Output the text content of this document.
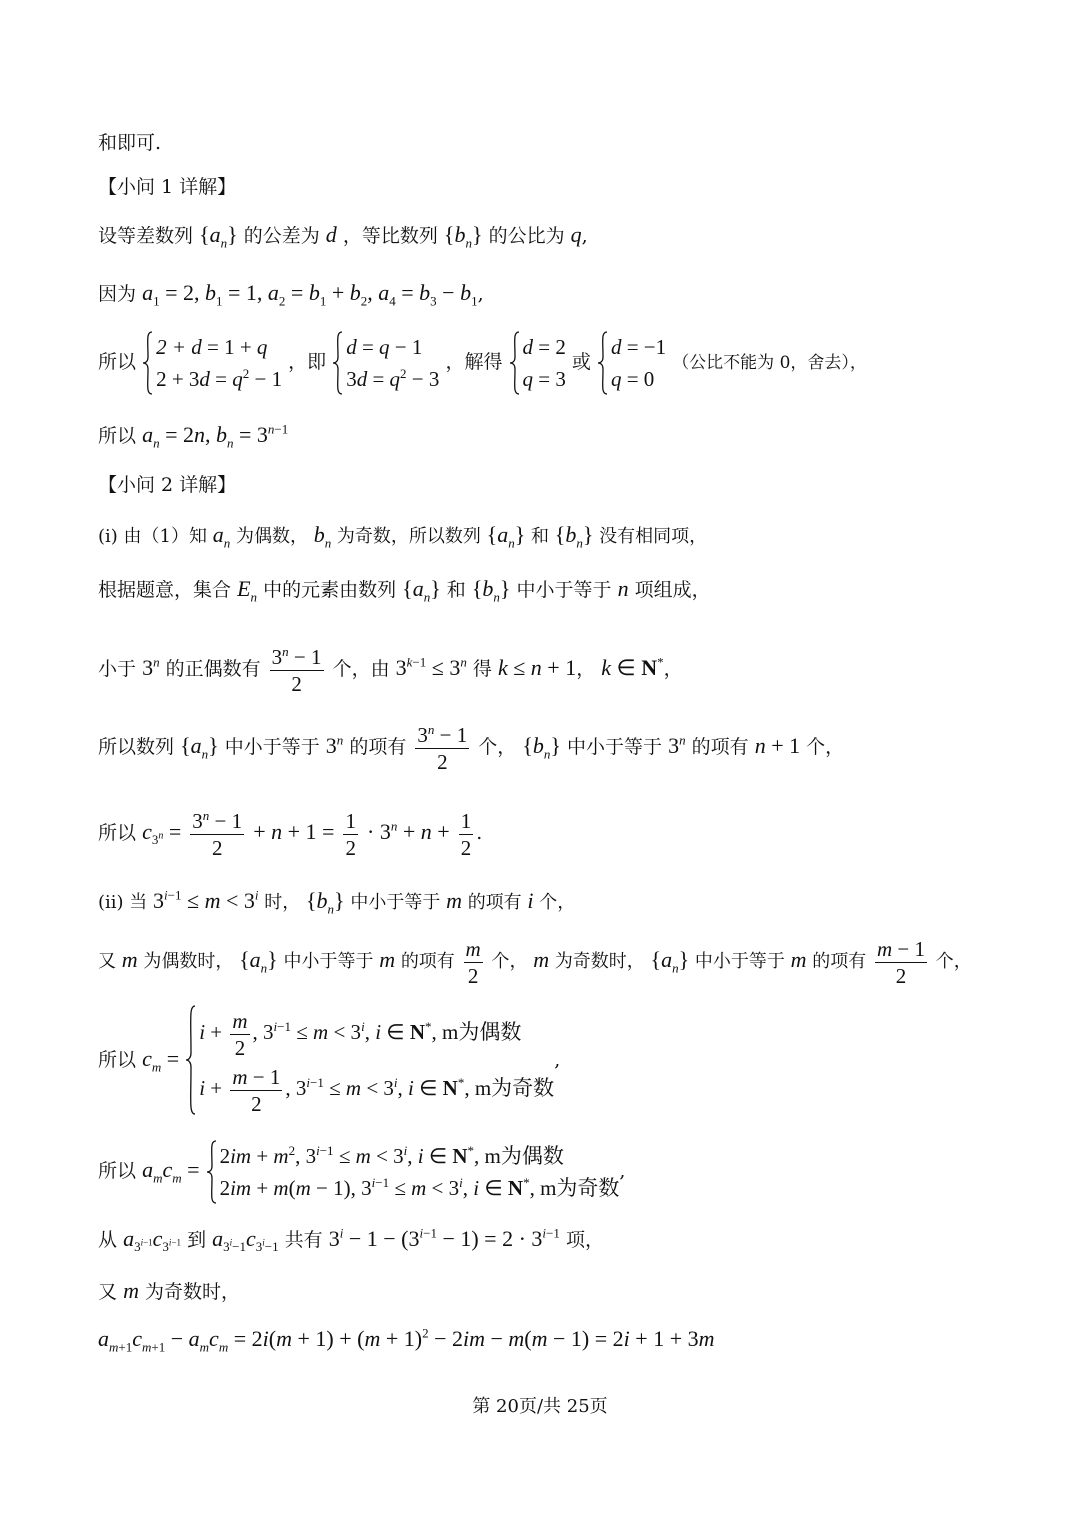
和即可.
【小问 1 详解】
设等差数列 $\{a_n\}$ 的公差为 d ，等比数列 $\{b_n\}$ 的公比为 q,
因为 $a_1 = 2$, $b_1 = 1$, $a_2 = b_1 + b_2$, $a_4 = b_3 - b_1$,
所以
2 + d = 1 + q
$2 + 3d = q^2 - 1$
，即
d = q − 1
$3d = q^2 - 3$
，解得
d = 2
q = 3
或
d = −1
q = 0
（公比不能为 0，舍去），
所以 $a_n = 2n$, $b_n = 3^{n-1}$
【小问 2 详解】
(i) 由（1）知 $a_n$ 为偶数， $b_n$ 为奇数，所以数列 $\{a_n\}$ 和 $\{b_n\}$ 没有相同项，
根据题意，集合 $E_n$ 中的元素由数列 $\{a_n\}$ 和 $\{b_n\}$ 中小于等于 n 项组成，
小于 3$^n$ 的正偶数有 $\frac{3^n - 1}{2}$ 个，由 $3^{k-1} \le 3^n$ 得 k ≤ n + 1， k ∈ N*，
所以数列 $\{a_n\}$ 中小于等于 3$^n$ 的项有 $\frac{3^n - 1}{2}$ 个， $\{b_n\}$ 中小于等于 3$^n$ 的项有 n + 1 个，
所以 $c_{3^n} = \frac{3^n - 1}{2} + n + 1 = \frac{1}{2} \cdot 3^n + n + \frac{1}{2}$ .
(ii) 当 $3^{i-1} \le m < 3^i$ 时， $\{b_n\}$ 中小于等于 m 的项有 i 个，
又 m 为偶数时， $\{a_n\}$ 中小于等于 m 的项有 $\frac{m}{2}$ 个， m 为奇数时， $\{a_n\}$ 中小于等于 m 的项有 $\frac{m - 1}{2}$ 个，
所以 $c_m$ =
$i + \frac{m}{2}$ , $3^{i-1} \le m < 3^i$, i ∈ N*, m为偶数
$i + \frac{m - 1}{2}$ , $3^{i-1} \le m < 3^i$, i ∈ N*, m为奇数
,
所以 $a_mc_m$ =
$2im + m^2$, $3^{i-1} \le m < 3^i$, i ∈ N*, m为偶数
2im + m(m − 1), $3^{i-1} \le m < 3^i$, i ∈ N*, m为奇数
,
从 $a_{3^{i-1}}c_{3^{i-1}}$ 到 $a_{3^i-1}c_{3^i-1}$ 共有 $3^i - 1 - (3^{i-1} - 1) = 2 \cdot 3^{i-1}$ 项，
又 m 为奇数时，
$a_{m+1}c_{m+1} - a_mc_m = 2i(m + 1) + (m + 1)^2 - 2im - m(m - 1) = 2i + 1 + 3m$
第 20页/共 25页
